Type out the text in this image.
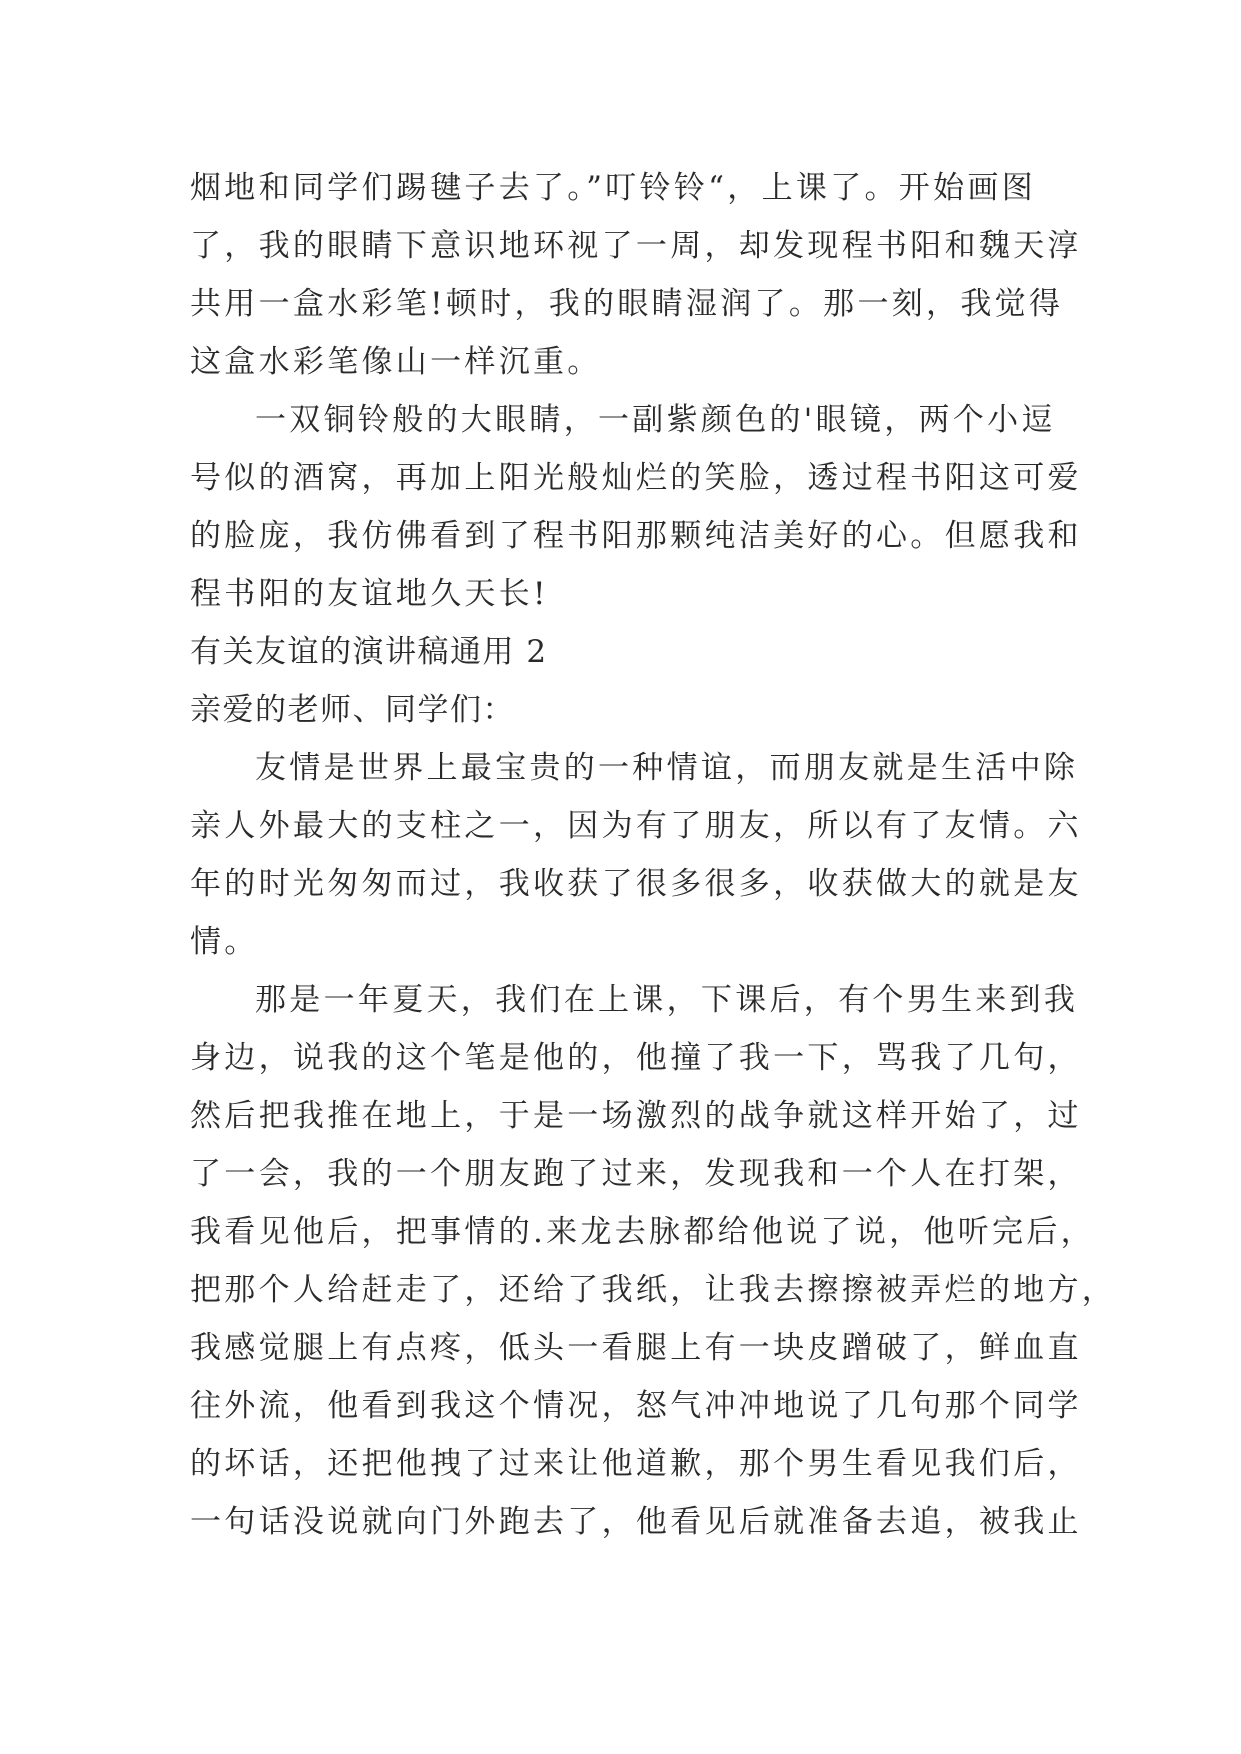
烟地和同学们踢毽子去了。”叮铃铃“，上课了。开始画图
了，我的眼睛下意识地环视了一周，却发现程书阳和魏天淳
共用一盒水彩笔!顿时，我的眼睛湿润了。那一刻，我觉得
这盒水彩笔像山一样沉重。
一双铜铃般的大眼睛，一副紫颜色的'眼镜，两个小逗
号似的酒窝，再加上阳光般灿烂的笑脸，透过程书阳这可爱
的脸庞，我仿佛看到了程书阳那颗纯洁美好的心。但愿我和
程书阳的友谊地久天长!
有关友谊的演讲稿通用 2
亲爱的老师、同学们：
友情是世界上最宝贵的一种情谊，而朋友就是生活中除
亲人外最大的支柱之一，因为有了朋友，所以有了友情。六
年的时光匆匆而过，我收获了很多很多，收获做大的就是友
情。
那是一年夏天，我们在上课，下课后，有个男生来到我
身边，说我的这个笔是他的，他撞了我一下，骂我了几句，
然后把我推在地上，于是一场激烈的战争就这样开始了，过
了一会，我的一个朋友跑了过来，发现我和一个人在打架，
我看见他后，把事情的.来龙去脉都给他说了说，他听完后，
把那个人给赶走了，还给了我纸，让我去擦擦被弄烂的地方，
我感觉腿上有点疼，低头一看腿上有一块皮蹭破了，鲜血直
往外流，他看到我这个情况，怒气冲冲地说了几句那个同学
的坏话，还把他拽了过来让他道歉，那个男生看见我们后，
一句话没说就向门外跑去了，他看见后就准备去追，被我止
